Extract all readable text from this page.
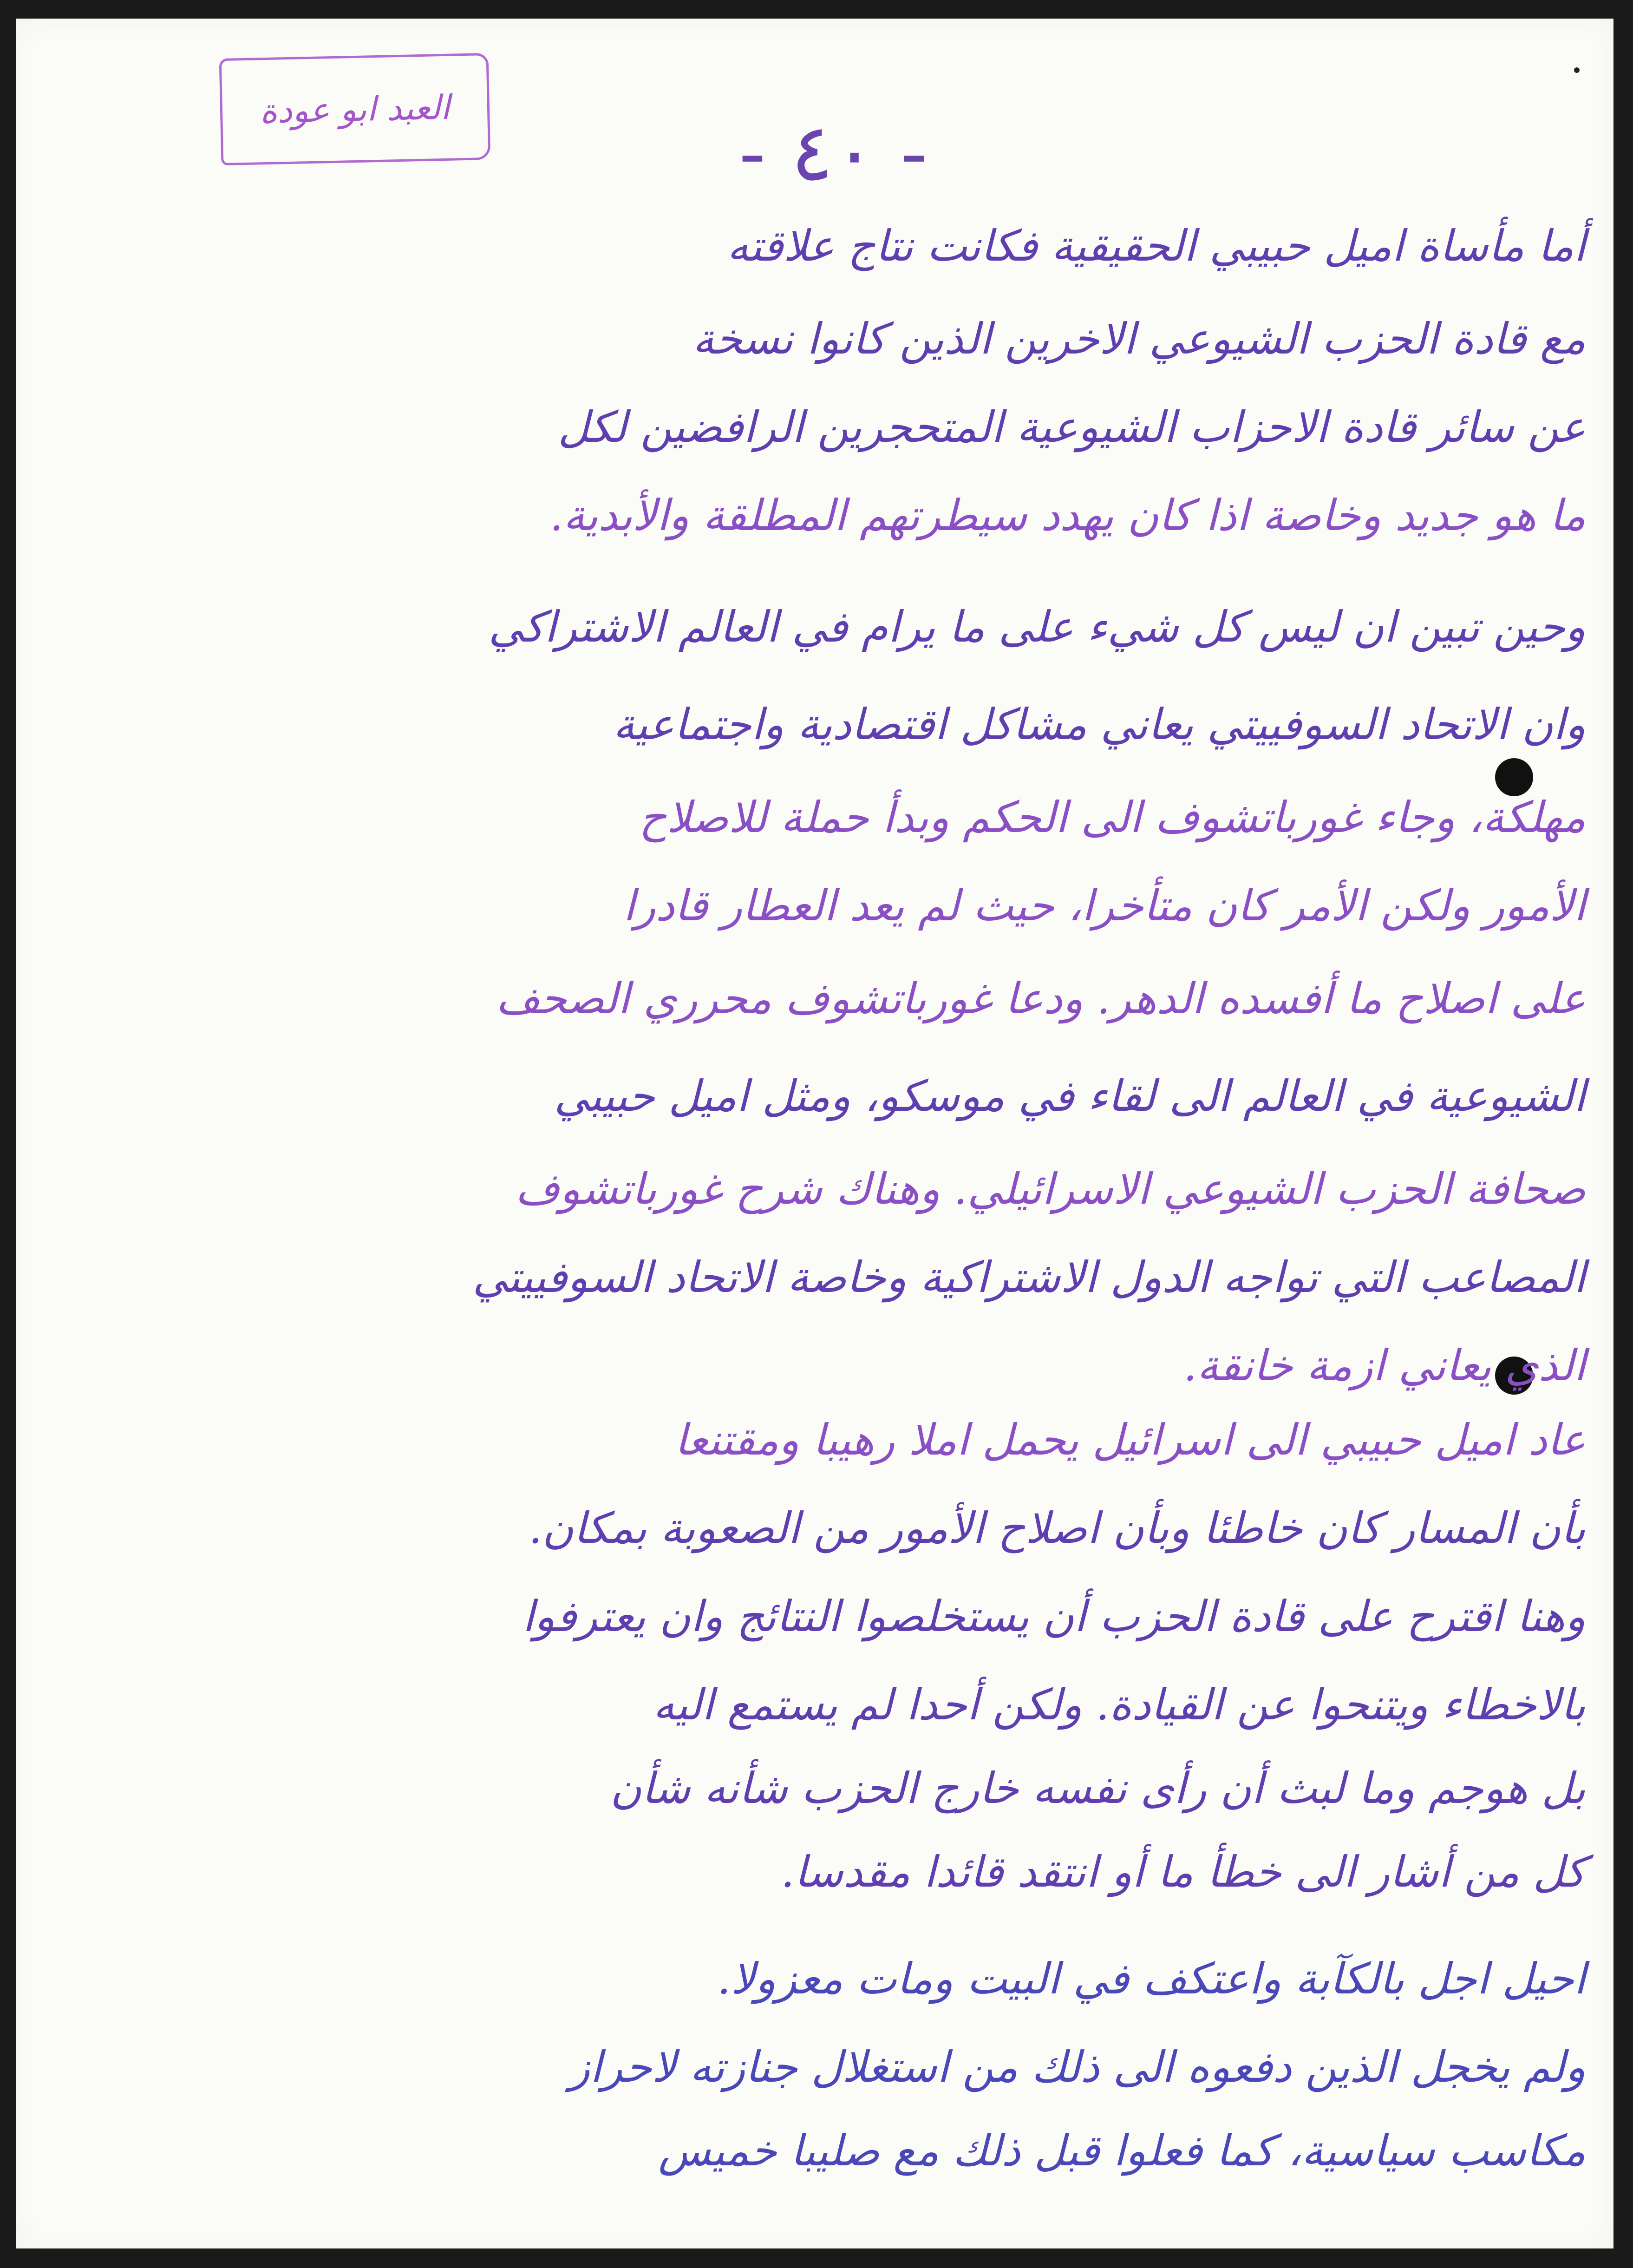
العبد ابو عودة	- ٤٠ -
أما مأساة اميل حبيبي الحقيقية فكانت نتاج علاقته
مع قادة الحزب الشيوعي الاخرين الذين كانوا نسخة
عن سائر قادة الاحزاب الشيوعية المتحجرين الرافضين لكل
ما هو جديد وخاصة اذا كان يهدد سيطرتهم المطلقة والأبدية.
وحين تبين ان ليس كل شيء على ما يرام في العالم الاشتراكي
وان الاتحاد السوفييتي يعاني مشاكل اقتصادية واجتماعية
مهلكة، وجاء غورباتشوف الى الحكم وبدأ حملة للاصلاح
الأمور ولكن الأمر كان متأخرا، حيث لم يعد العطار قادرا
على اصلاح ما أفسده الدهر. ودعا غورباتشوف محرري الصحف
الشيوعية في العالم الى لقاء في موسكو، ومثل اميل حبيبي
صحافة الحزب الشيوعي الاسرائيلي. وهناك شرح غورباتشوف
المصاعب التي تواجه الدول الاشتراكية وخاصة الاتحاد السوفييتي
الذي يعاني ازمة خانقة.
عاد اميل حبيبي الى اسرائيل يحمل املا رهيبا ومقتنعا
بأن المسار كان خاطئا وبأن اصلاح الأمور من الصعوبة بمكان.
وهنا اقترح على قادة الحزب أن يستخلصوا النتائج وان يعترفوا
بالاخطاء ويتنحوا عن القيادة. ولكن أحدا لم يستمع اليه
بل هوجم وما لبث أن رأى نفسه خارج الحزب شأنه شأن
كل من أشار الى خطأ ما أو انتقد قائدا مقدسا.
احيل اجل بالكآبة واعتكف في البيت ومات معزولا.
ولم يخجل الذين دفعوه الى ذلك من استغلال جنازته لاحراز
مكاسب سياسية، كما فعلوا قبل ذلك مع صليبا خميس
